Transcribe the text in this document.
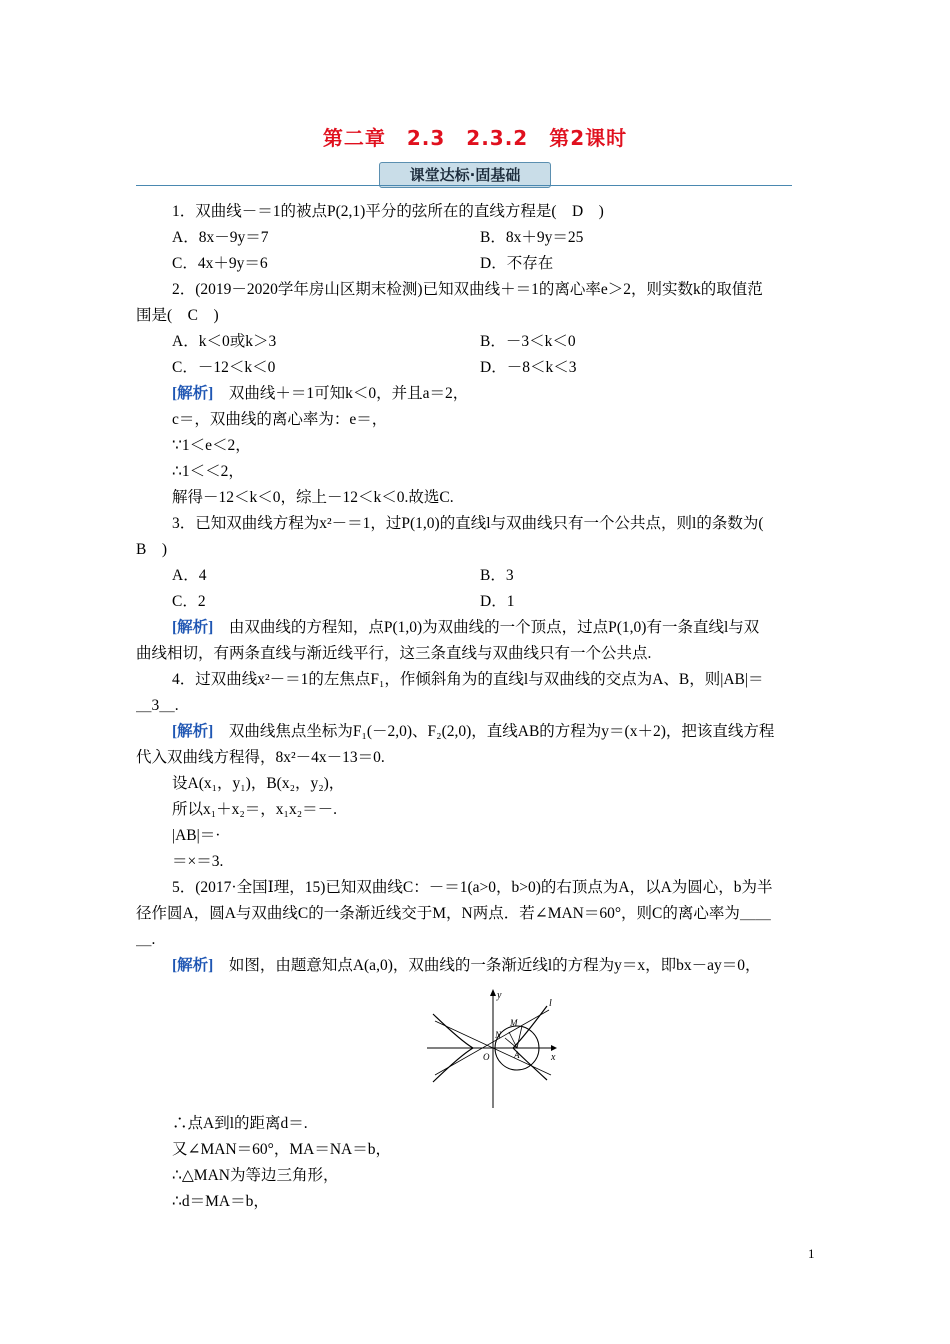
第二章　2.3　2.3.2　第2课时
课堂达标·固基础
1．双曲线－＝1的被点P(2,1)平分的弦所在的直线方程是(　D　)
A．8x－9y＝7	B．8x＋9y＝25
C．4x＋9y＝6	D．不存在
2．(2019－2020学年房山区期末检测)已知双曲线＋＝1的离心率e＞2，则实数k的取值范
围是(　C　)
A．k＜0或k＞3	B．－3＜k＜0
C．－12＜k＜0	D．－8＜k＜3
[解析]　双曲线＋＝1可知k＜0，并且a＝2，
c＝，双曲线的离心率为：e＝，
∵1＜e＜2，
∴1＜＜2，
解得－12＜k＜0，综上－12＜k＜0.故选C.
3．已知双曲线方程为x²－＝1，过P(1,0)的直线l与双曲线只有一个公共点，则l的条数为(
B　)
A．4	B．3
C．2	D．1
[解析]　由双曲线的方程知，点P(1,0)为双曲线的一个顶点，过点P(1,0)有一条直线l与双
曲线相切，有两条直线与渐近线平行，这三条直线与双曲线只有一个公共点.
4．过双曲线x²－＝1的左焦点F₁，作倾斜角为的直线l与双曲线的交点为A、B，则|AB|＝
＿3＿.
[解析]　双曲线焦点坐标为F₁(－2,0)、F₂(2,0)，直线AB的方程为y＝(x＋2)，把该直线方程
代入双曲线方程得，8x²－4x－13＝0.
设A(x₁，y₁)，B(x₂，y₂)，
所以x₁＋x₂＝，x₁x₂＝－.
|AB|＝·
＝×＝3.
5．(2017·全国Ⅰ理，15)已知双曲线C：－＝1(a>0，b>0)的右顶点为A，以A为圆心，b为半
径作圆A，圆A与双曲线C的一条渐近线交于M，N两点．若∠MAN＝60°，则C的离心率为＿＿
＿.
[解析]　如图，由题意知点A(a,0)，双曲线的一条渐近线l的方程为y＝x，即bx－ay＝0，
∴点A到l的距离d＝.
又∠MAN＝60°，MA＝NA＝b，
∴△MAN为等边三角形，
∴d＝MA＝b，
y
x
l
M
N
O	A
1
